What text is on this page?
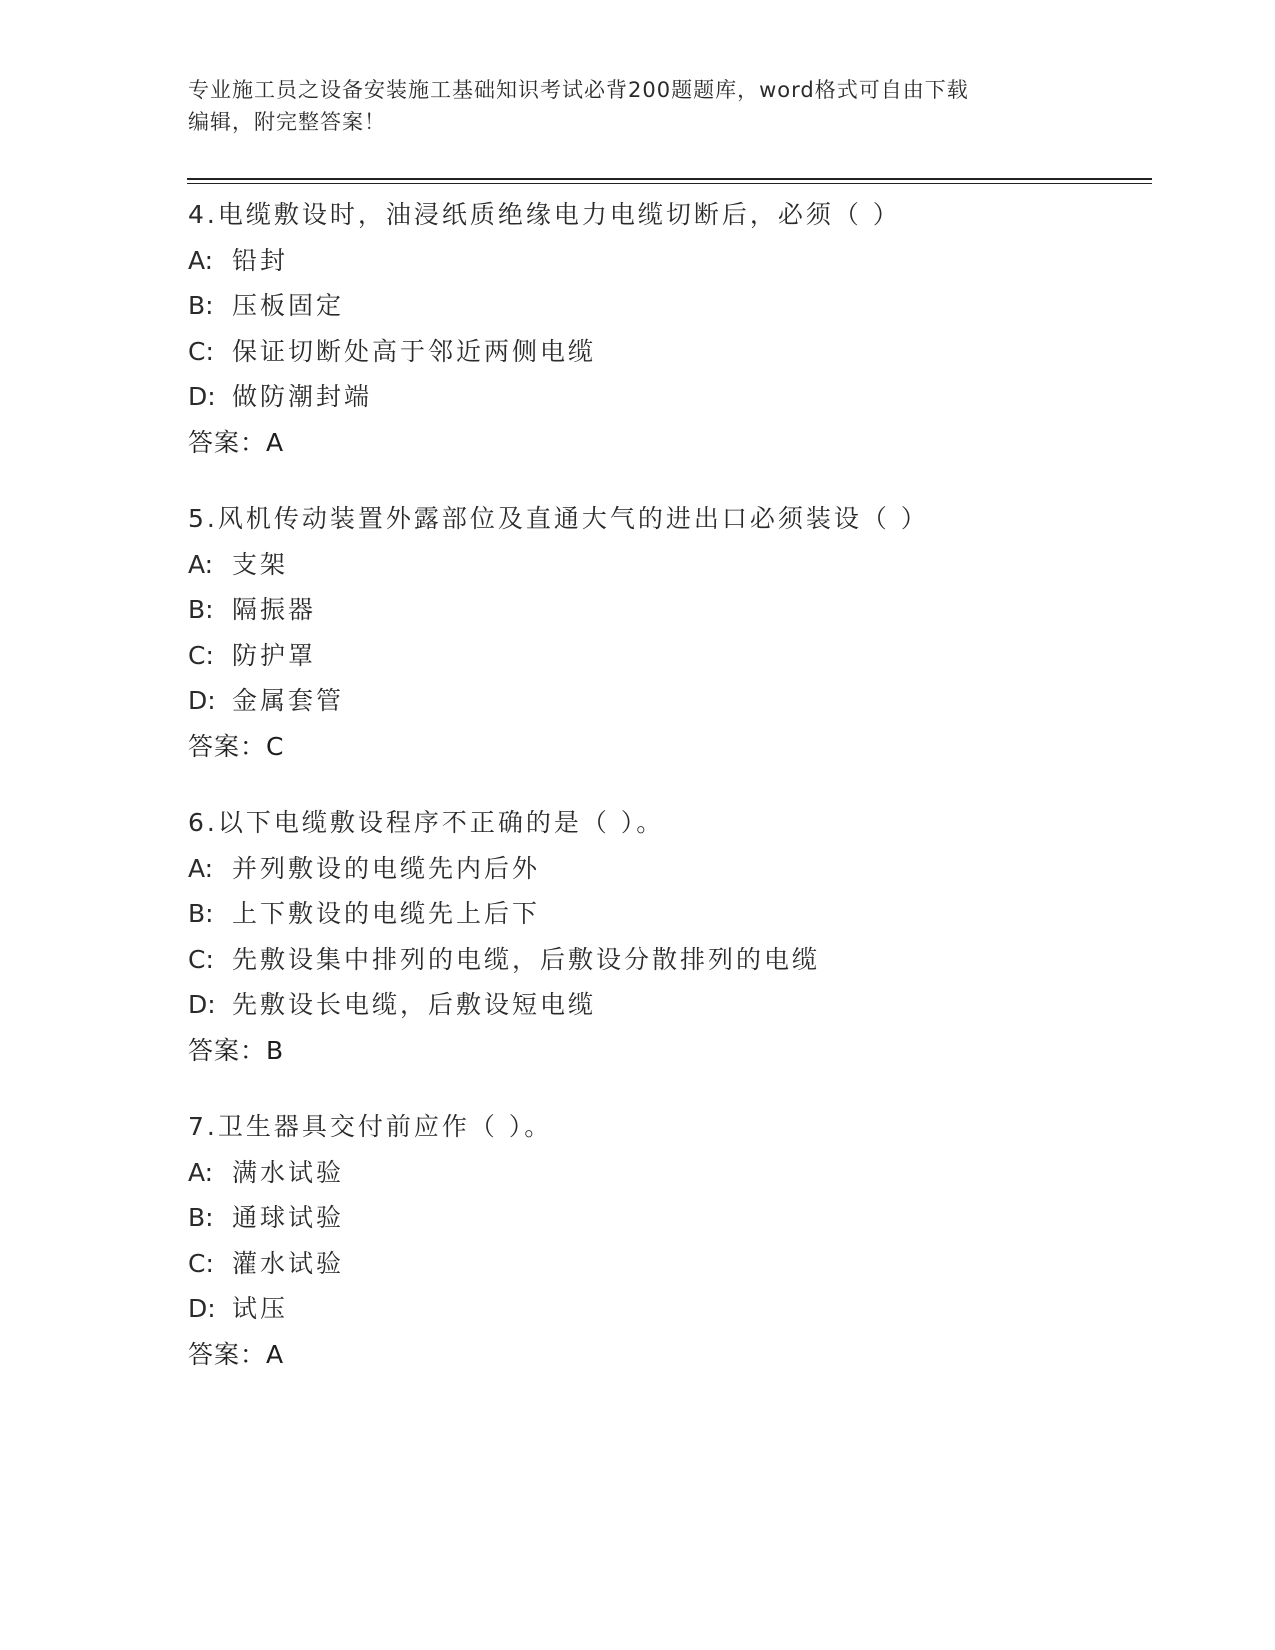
专业施工员之设备安装施工基础知识考试必背200题题库，word格式可自由下载
编辑，附完整答案！
4.电缆敷设时，油浸纸质绝缘电力电缆切断后，必须（ ）
A: 铅封
B: 压板固定
C: 保证切断处高于邻近两侧电缆
D: 做防潮封端
答案：A
5.风机传动装置外露部位及直通大气的进出口必须装设（ ）
A: 支架
B: 隔振器
C: 防护罩
D: 金属套管
答案：C
6.以下电缆敷设程序不正确的是（ ）。
A: 并列敷设的电缆先内后外
B: 上下敷设的电缆先上后下
C: 先敷设集中排列的电缆，后敷设分散排列的电缆
D: 先敷设长电缆，后敷设短电缆
答案：B
7.卫生器具交付前应作（ ）。
A: 满水试验
B: 通球试验
C: 灌水试验
D: 试压
答案：A
